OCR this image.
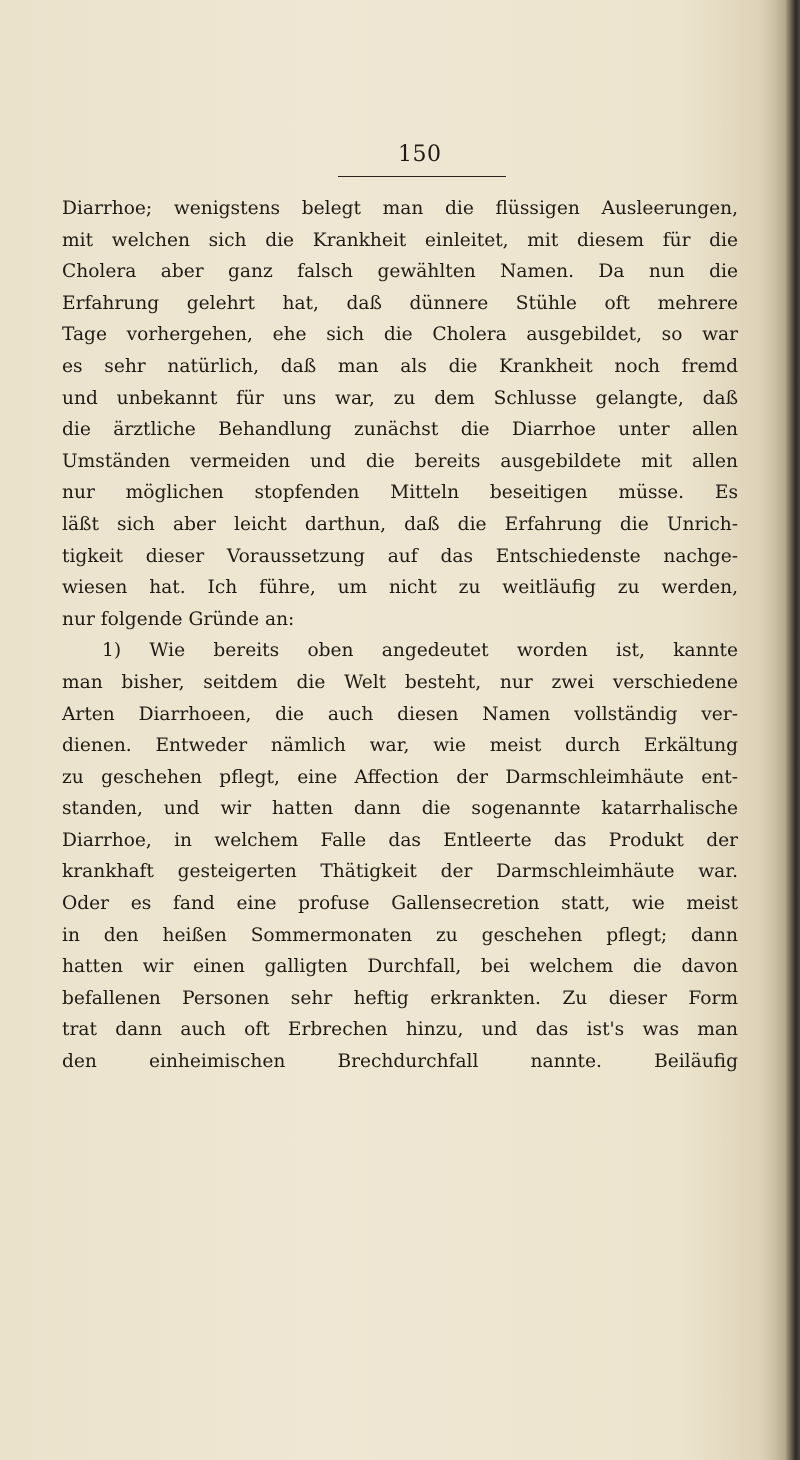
150
Diarrhoe; wenigstens belegt man die flüssigen Ausleerungen,
mit welchen sich die Krankheit einleitet, mit diesem für die
Cholera aber ganz falsch gewählten Namen. Da nun die
Erfahrung gelehrt hat, daß dünnere Stühle oft mehrere
Tage vorhergehen, ehe sich die Cholera ausgebildet, so war
es sehr natürlich, daß man als die Krankheit noch fremd
und unbekannt für uns war, zu dem Schlusse gelangte, daß
die ärztliche Behandlung zunächst die Diarrhoe unter allen
Umständen vermeiden und die bereits ausgebildete mit allen
nur möglichen stopfenden Mitteln beseitigen müsse. Es
läßt sich aber leicht darthun, daß die Erfahrung die Unrich-
tigkeit dieser Voraussetzung auf das Entschiedenste nachge-
wiesen hat. Ich führe, um nicht zu weitläufig zu werden,
nur folgende Gründe an:
1) Wie bereits oben angedeutet worden ist, kannte
man bisher, seitdem die Welt besteht, nur zwei verschiedene
Arten Diarrhoeen, die auch diesen Namen vollständig ver-
dienen. Entweder nämlich war, wie meist durch Erkältung
zu geschehen pflegt, eine Affection der Darmschleimhäute ent-
standen, und wir hatten dann die sogenannte katarrhalische
Diarrhoe, in welchem Falle das Entleerte das Produkt der
krankhaft gesteigerten Thätigkeit der Darmschleimhäute war.
Oder es fand eine profuse Gallensecretion statt, wie meist
in den heißen Sommermonaten zu geschehen pflegt; dann
hatten wir einen galligten Durchfall, bei welchem die davon
befallenen Personen sehr heftig erkrankten. Zu dieser Form
trat dann auch oft Erbrechen hinzu, und das ist's was man
den einheimischen Brechdurchfall nannte. Beiläufig
